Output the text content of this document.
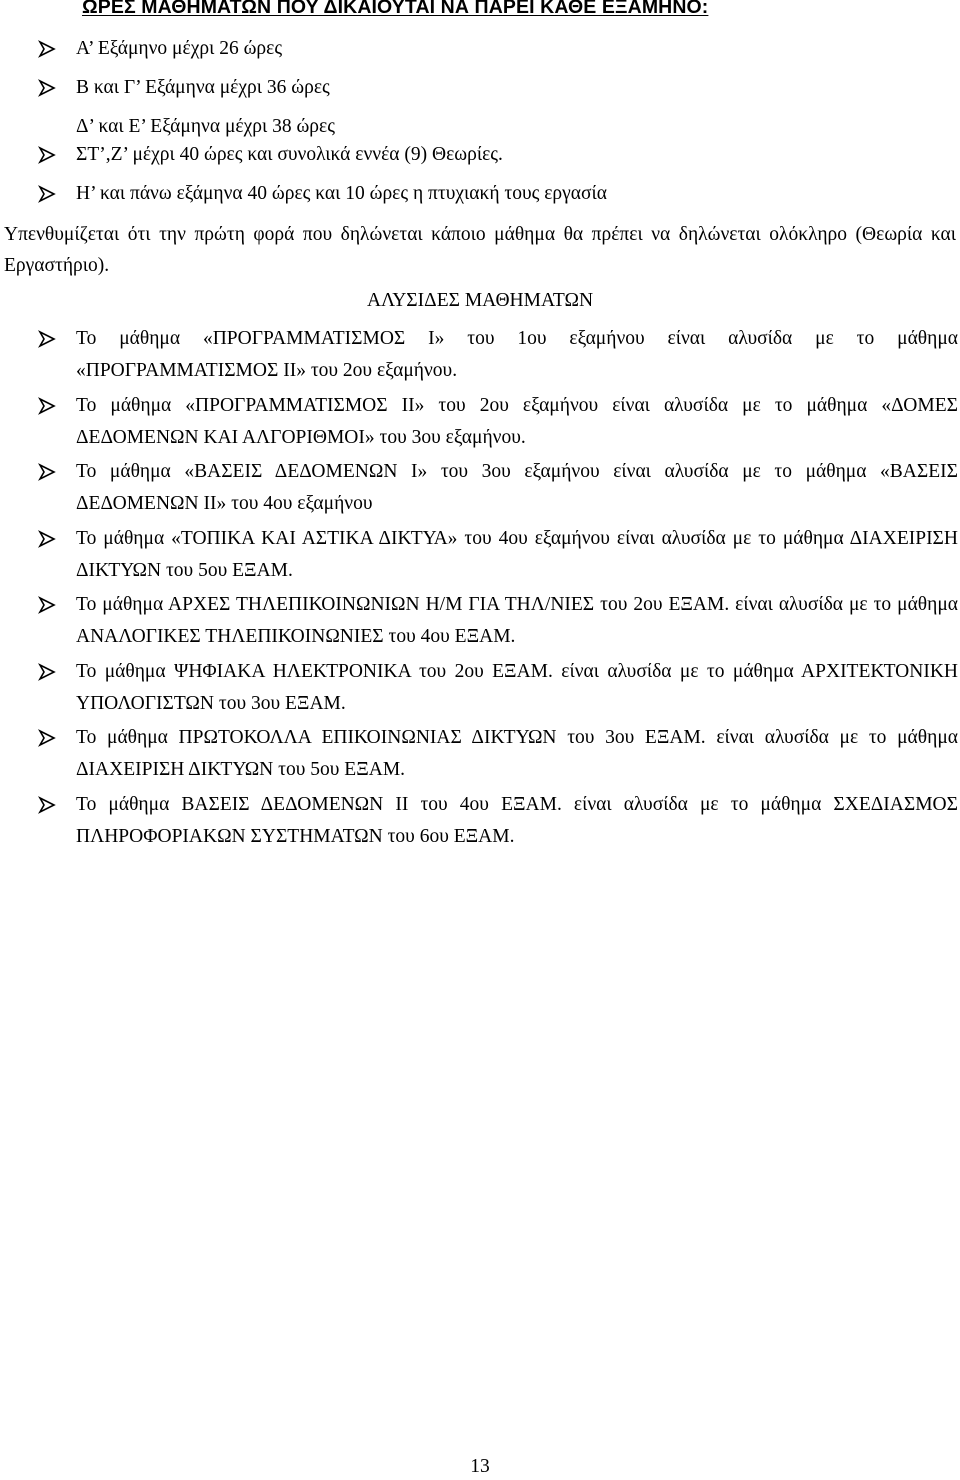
ΩΡΕΣ ΜΑΘΗΜΑΤΩΝ ΠΟΥ ΔΙΚΑΙΟΥΤΑΙ ΝΑ ΠΑΡΕΙ ΚΑΘΕ ΕΞΑΜΗΝΟ:
Α’ Εξάμηνο μέχρι 26 ώρες
Β και Γ’ Εξάμηνα μέχρι 36 ώρες
Δ’ και Ε’ Εξάμηνα μέχρι 38 ώρες
ΣΤ’,Ζ’ μέχρι 40 ώρες και συνολικά εννέα (9) Θεωρίες.
Η’ και πάνω εξάμηνα 40 ώρες και 10 ώρες η πτυχιακή τους εργασία
Υπενθυμίζεται ότι την πρώτη φορά που δηλώνεται κάποιο μάθημα θα πρέπει να δηλώνεται ολόκληρο (Θεωρία και Εργαστήριο).
ΑΛΥΣΙΔΕΣ ΜΑΘΗΜΑΤΩΝ
Το μάθημα «ΠΡΟΓΡΑΜΜΑΤΙΣΜΟΣ Ι» του 1ου εξαμήνου είναι αλυσίδα με το μάθημα «ΠΡΟΓΡΑΜΜΑΤΙΣΜΟΣ ΙΙ» του 2ου εξαμήνου.
Το μάθημα «ΠΡΟΓΡΑΜΜΑΤΙΣΜΟΣ ΙΙ» του 2ου εξαμήνου είναι αλυσίδα με το μάθημα «ΔΟΜΕΣ ΔΕΔΟΜΕΝΩΝ ΚΑΙ ΑΛΓΟΡΙΘΜΟΙ» του 3ου εξαμήνου.
Το μάθημα «ΒΑΣΕΙΣ ΔΕΔΟΜΕΝΩΝ Ι» του 3ου εξαμήνου είναι αλυσίδα με το μάθημα «ΒΑΣΕΙΣ ΔΕΔΟΜΕΝΩΝ ΙΙ» του 4ου εξαμήνου
Το μάθημα «ΤΟΠΙΚΑ ΚΑΙ ΑΣΤΙΚΑ ΔΙΚΤΥΑ» του 4ου εξαμήνου είναι αλυσίδα με το μάθημα ΔΙΑΧΕΙΡΙΣΗ ΔΙΚΤΥΩΝ του 5ου ΕΞΑΜ.
Το μάθημα ΑΡΧΕΣ ΤΗΛΕΠΙΚΟΙΝΩΝΙΩΝ Η/Μ ΓΙΑ ΤΗΛ/ΝΙΕΣ του 2ου ΕΞΑΜ. είναι αλυσίδα με το μάθημα ΑΝΑΛΟΓΙΚΕΣ ΤΗΛΕΠΙΚΟΙΝΩΝΙΕΣ του 4ου ΕΞΑΜ.
Το μάθημα ΨΗΦΙΑΚΑ ΗΛΕΚΤΡΟΝΙΚΑ του 2ου ΕΞΑΜ. είναι αλυσίδα με το μάθημα ΑΡΧΙΤΕΚΤΟΝΙΚΗ ΥΠΟΛΟΓΙΣΤΩΝ του 3ου ΕΞΑΜ.
Το μάθημα ΠΡΩΤΟΚΟΛΛΑ ΕΠΙΚΟΙΝΩΝΙΑΣ ΔΙΚΤΥΩΝ του 3ου ΕΞΑΜ. είναι αλυσίδα με το μάθημα ΔΙΑΧΕΙΡΙΣΗ ΔΙΚΤΥΩΝ του 5ου ΕΞΑΜ.
Το μάθημα ΒΑΣΕΙΣ ΔΕΔΟΜΕΝΩΝ ΙΙ του 4ου ΕΞΑΜ. είναι αλυσίδα με το μάθημα ΣΧΕΔΙΑΣΜΟΣ ΠΛΗΡΟΦΟΡΙΑΚΩΝ ΣΥΣΤΗΜΑΤΩΝ του 6ου ΕΞΑΜ.
13
